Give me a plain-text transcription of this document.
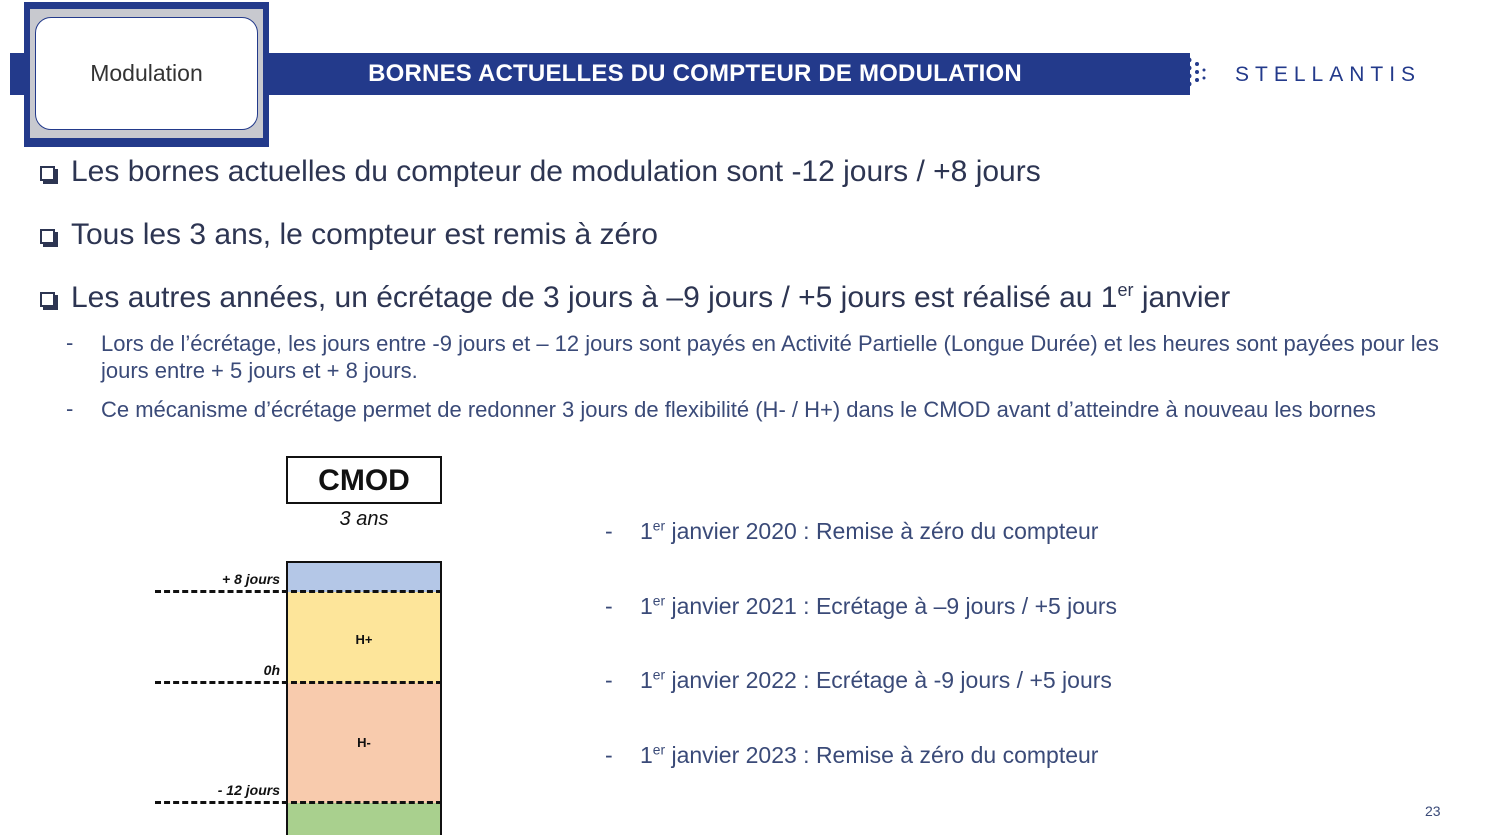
BORNES ACTUELLES DU COMPTEUR DE MODULATION
Modulation	STELLANTIS
Les bornes actuelles du compteur de modulation sont -12 jours / +8 jours
Tous les 3 ans, le compteur est remis à zéro
Les autres années, un écrétage de 3 jours à –9 jours / +5 jours est réalisé au 1er janvier
- Lors de l’écrétage, les jours entre -9 jours et – 12 jours sont payés en Activité Partielle (Longue Durée) et les heures sont payées pour les jours entre + 5 jours et + 8 jours.
- Ce mécanisme d’écrétage permet de redonner 3 jours de flexibilité (H- / H+) dans le CMOD avant d’atteindre à nouveau les bornes
CMOD
3 ans
H+
H-
+ 8 jours
0h
- 12 jours
- 1er janvier 2020 : Remise à zéro du compteur
- 1er janvier 2021 : Ecrétage à –9 jours / +5 jours
- 1er janvier 2022 : Ecrétage à -9 jours / +5 jours
- 1er janvier 2023 : Remise à zéro du compteur
23
